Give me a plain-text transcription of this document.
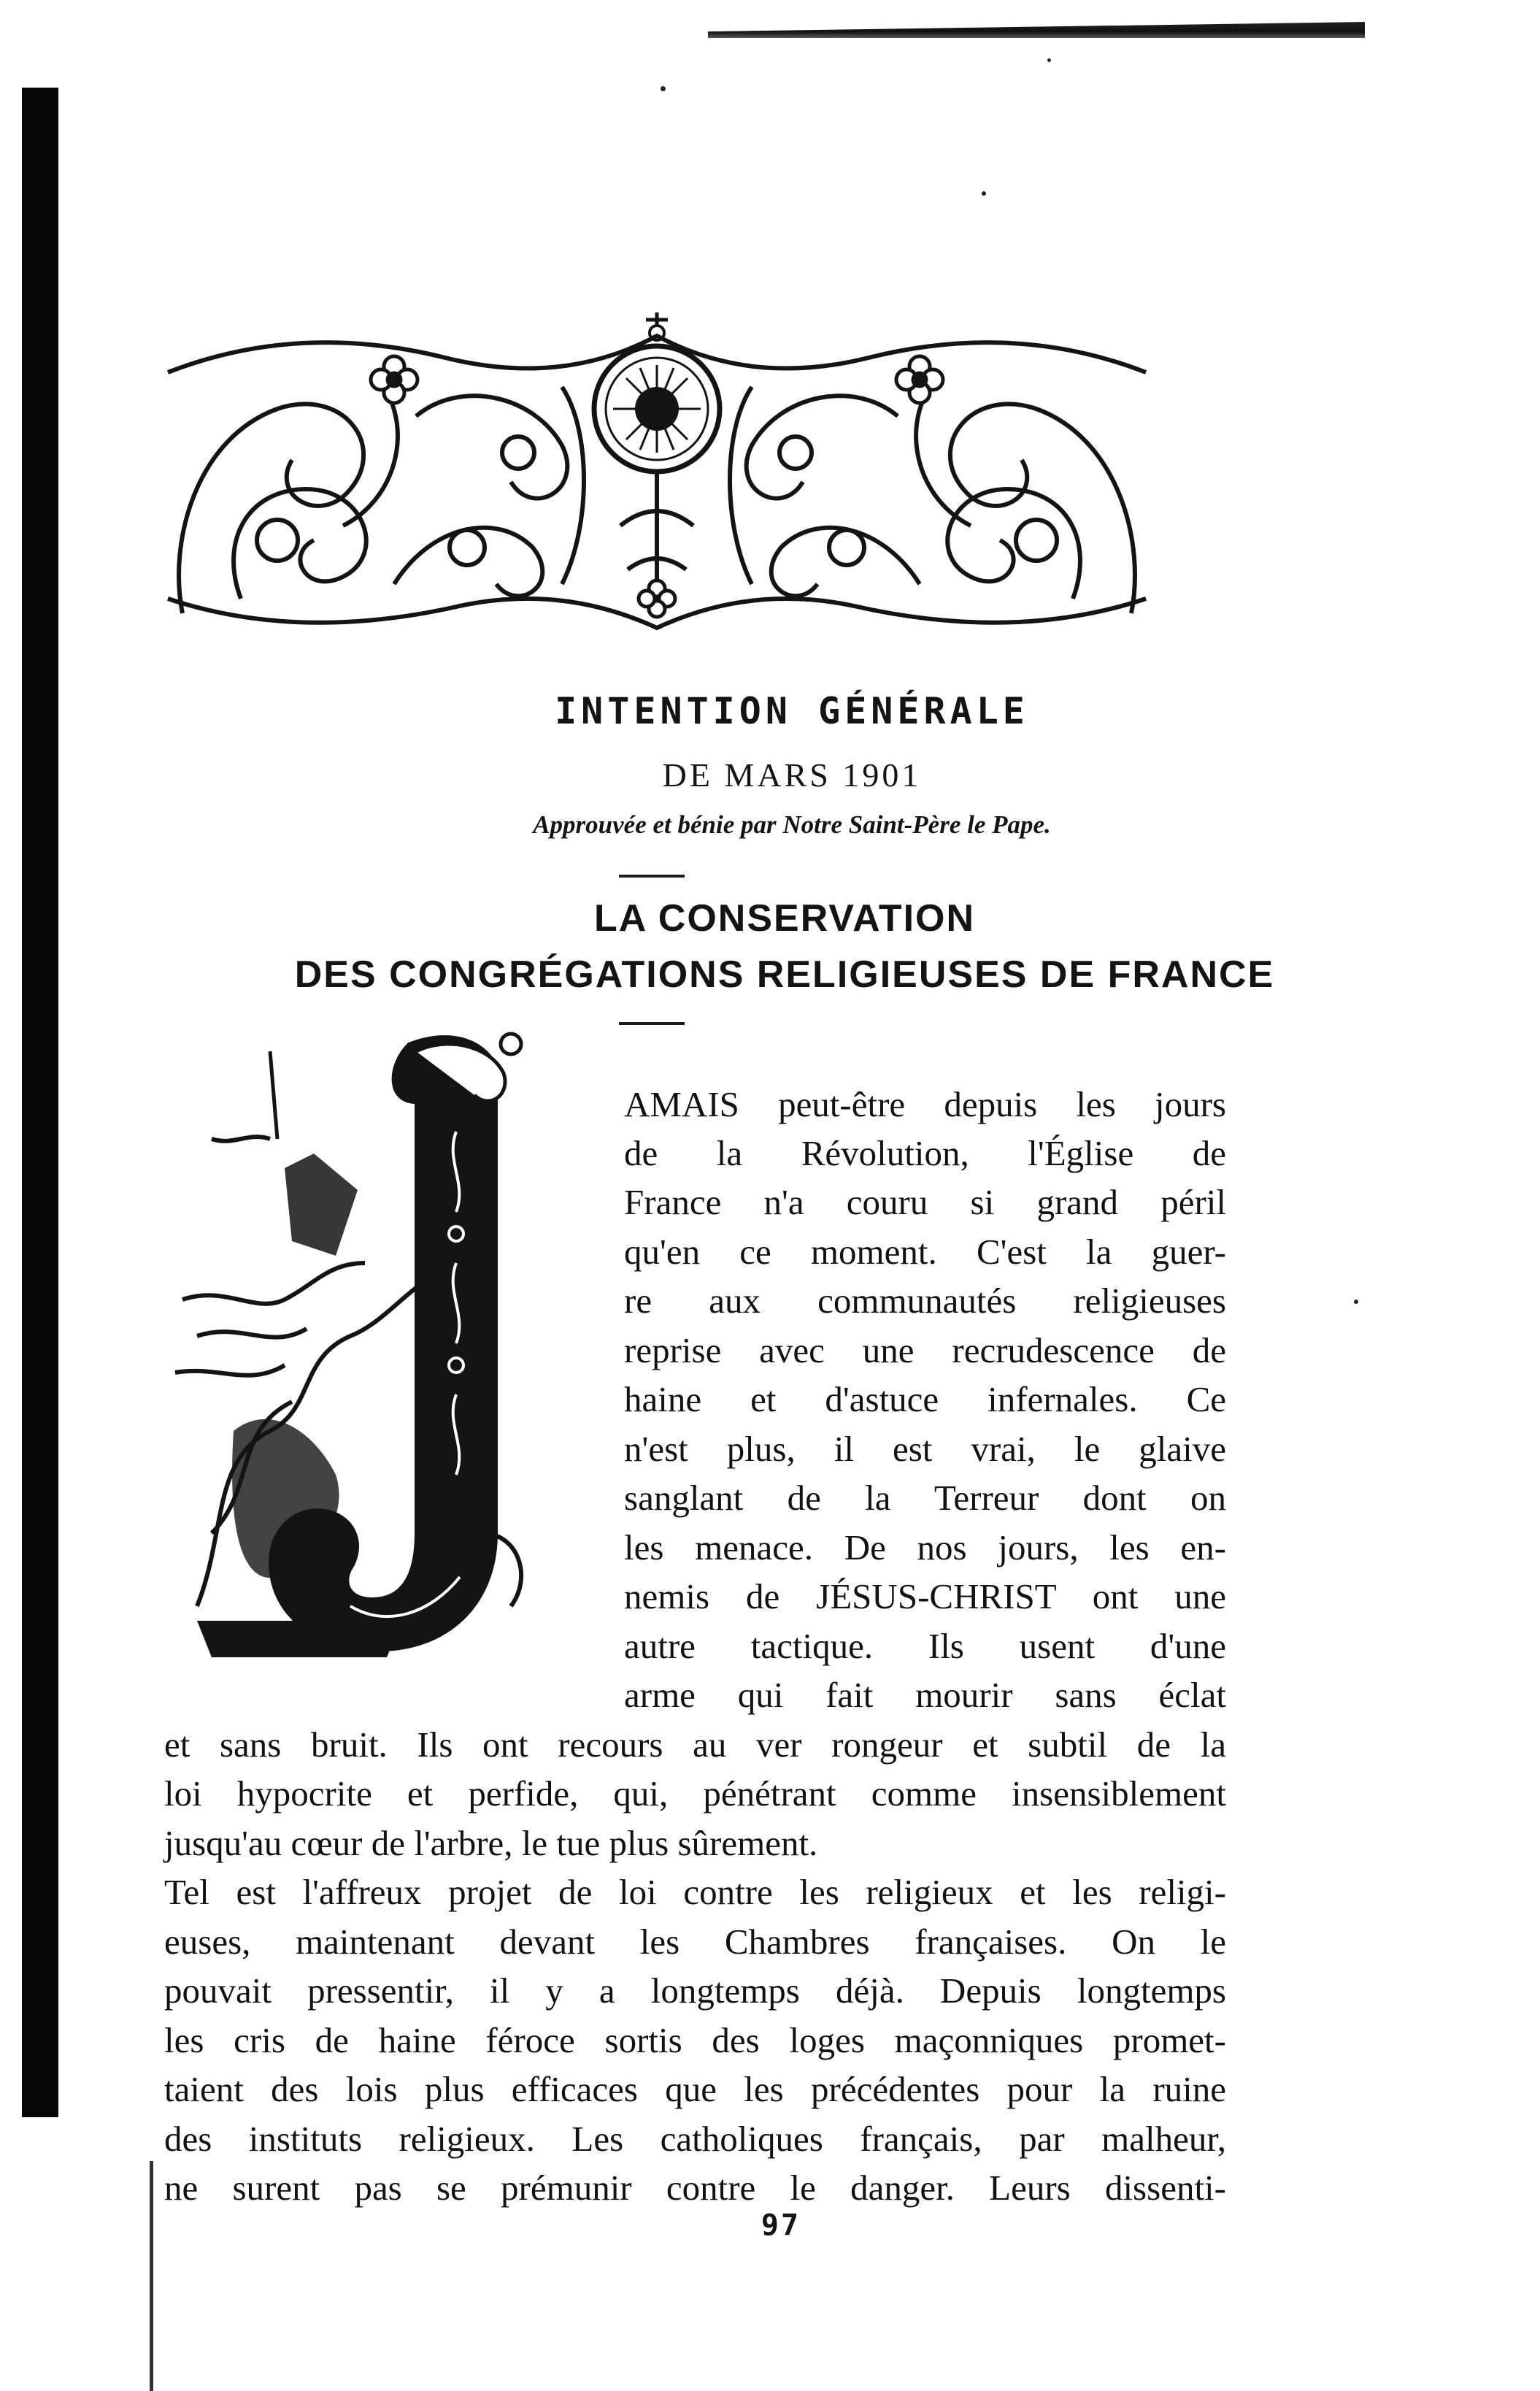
INTENTION GÉNÉRALE
DE MARS 1901
Approuvée et bénie par Notre Saint-Père le Pape.
LA CONSERVATION
DES CONGRÉGATIONS RELIGIEUSES DE FRANCE
AMAIS peut-être depuis les jours
de la Révolution, l'Église de
France n'a couru si grand péril
qu'en ce moment. C'est la guer-
re aux communautés religieuses
reprise avec une recrudescence de
haine et d'astuce infernales. Ce
n'est plus, il est vrai, le glaive
sanglant de la Terreur dont on
les menace. De nos jours, les en-
nemis de JÉSUS-CHRIST ont une
autre tactique. Ils usent d'une
arme qui fait mourir sans éclat
et sans bruit. Ils ont recours au ver rongeur et subtil de la
loi hypocrite et perfide, qui, pénétrant comme insensiblement
jusqu'au cœur de l'arbre, le tue plus sûrement.
Tel est l'affreux projet de loi contre les religieux et les religi-
euses, maintenant devant les Chambres françaises. On le
pouvait pressentir, il y a longtemps déjà. Depuis longtemps
les cris de haine féroce sortis des loges maçonniques promet-
taient des lois plus efficaces que les précédentes pour la ruine
des instituts religieux. Les catholiques français, par malheur,
ne surent pas se prémunir contre le danger. Leurs dissenti-
97
